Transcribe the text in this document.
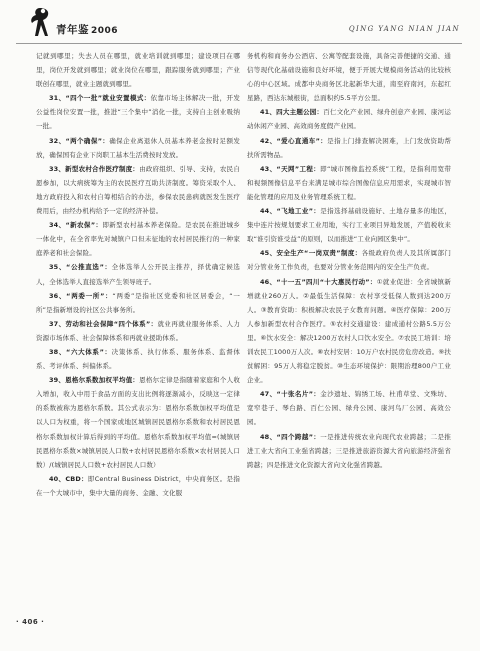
青年鉴 2006	QING YANG NIAN JIAN

记就到哪里；失去人员在哪里，就业培训就到哪里；建设项目在哪里，岗位开发就到哪里；就业岗位在哪里，跟踪服务就到哪里；产业联创在哪里，就业主题就到哪里。

31、“四个一批”就业安置模式：依靠市场主体解决一批，开发公益性岗位安置一批，推进“三个集中”消化一批，支持自主创业吸纳一批。

32、“两个确保”：确保企业离退休人员基本养老金按时足额发放，确保国有企业下岗职工基本生活费按时发放。

33、新型农村合作医疗制度：由政府组织、引导、支持，农民自愿参加，以大病统筹为主的农民医疗互助共济制度。筹资采取个人、地方政府投入和农村自筹相结合的办法，参保农民患病就医发生医疗费用后，由经办机构给予一定的经济补偿。

34、“新农保”：即新型农村基本养老保险。是农民在推进城乡一体化中，在全省率先对城镇户口但未征地的农村居民推行的一种家庭养老和社会保险。

35、“公推直选”：全体选举人公开民主推荐，择优确定候选人，全体选举人直接选举产生领导班子。

36、“两委一所”：“两委”是指社区党委和社区居委会，“一所”是指新增设的社区公共事务所。

37、劳动和社会保障“四个体系”：就业再就业服务体系、人力资源市场体系、社会保障体系和再就业援助体系。

38、“六大体系”：决策体系、执行体系、服务体系、监督体系、考评体系、纠偏体系。

39、恩格尔系数加权平均值：恩格尔定律是指随着家庭和个人收入增加，收入中用于食品方面的支出比例将逐渐减小，反映这一定律的系数被称为恩格尔系数。其公式表示为：恩格尔系数加权平均值是以人口为权重，将一个国家或地区城镇居民恩格尔系数和农村居民恩格尔系数加权计算后得到的平均值。恩格尔系数加权平均值=(城镇居民恩格尔系数×城镇居民人口数+农村居民恩格尔系数×农村居民人口数）/(城镇居民人口数+农村居民人口数）

40、CBD：即Central Business District，中央商务区。是指在一个大城市中，集中大量的商务、金融、文化服

务机构和商务办公酒店、公寓等配套设施，具备完善便捷的交通、通信等现代化基础设施和良好环境，便于开展大规模商务活动的比较核心的中心区域。成都中央商务区北起新华大道，南至府南河，东起红星路，西达东城根街，总面积约5.5平方公里。

41、四大主题公园：百仁文化产业园、绿舟创意产业园、康河运动休闲产业园、高效商务度假产业园。

42、“爱心直通车”：是指上门排查解决困难，上门发放资助帮扶所需物品。

43、“天网”工程：即“城市图像监控系统”工程，是指利用宽带和视频图像信息平台来满足城市综合图像信息应用需求，实现城市智能化管理的应用及业务管理系统工程。

44、“飞地工业”：是指选择基础设施好、土地存量多的地区，集中连片按规划要求工业用地，实行工业项目异地发展，产值税收来取“谁引资谁受益”的原则，以而推进“工业向园区集中”。

45、安全生产“一岗双责”制度：各级政府负责人及其所属部门对分管业务工作负责，也要对分管业务范围内的安全生产负责。

46、“十一五”四川“十大惠民行动”：①就业促进：全省城镇新增就业260万人。②最低生活保障：农村享受低保人数到达200万人。③教育资助：积极解决农民子女教育问题。④医疗保障：200万人参加新型农村合作医疗。⑤农村交通建设：建成通村公路5.5万公里。⑥饮水安全：解决1200万农村人口饮水安全。⑦农民工培训：培训农民工1000万人次。⑧农村安居：10万户农村民房危房改造。⑨扶贫解困：95万人将稳定脱贫。⑩生态环境保护：限期治理800户工业企业。

47、“十张名片”：金沙遗址、锦绣工场、杜甫草堂、文殊坊、宽窄巷子、琴台路、百仁公园、绿舟公园、康河鸟厂公园、高效公园。

48、“四个跨越”：一是推进传统农业向现代农业跨越；二是推进工业大省向工业强省跨越；三是推进旅游资源大省向旅游经济强省跨越；四是推进文化资源大省向文化强省跨越。

· 406 ·
